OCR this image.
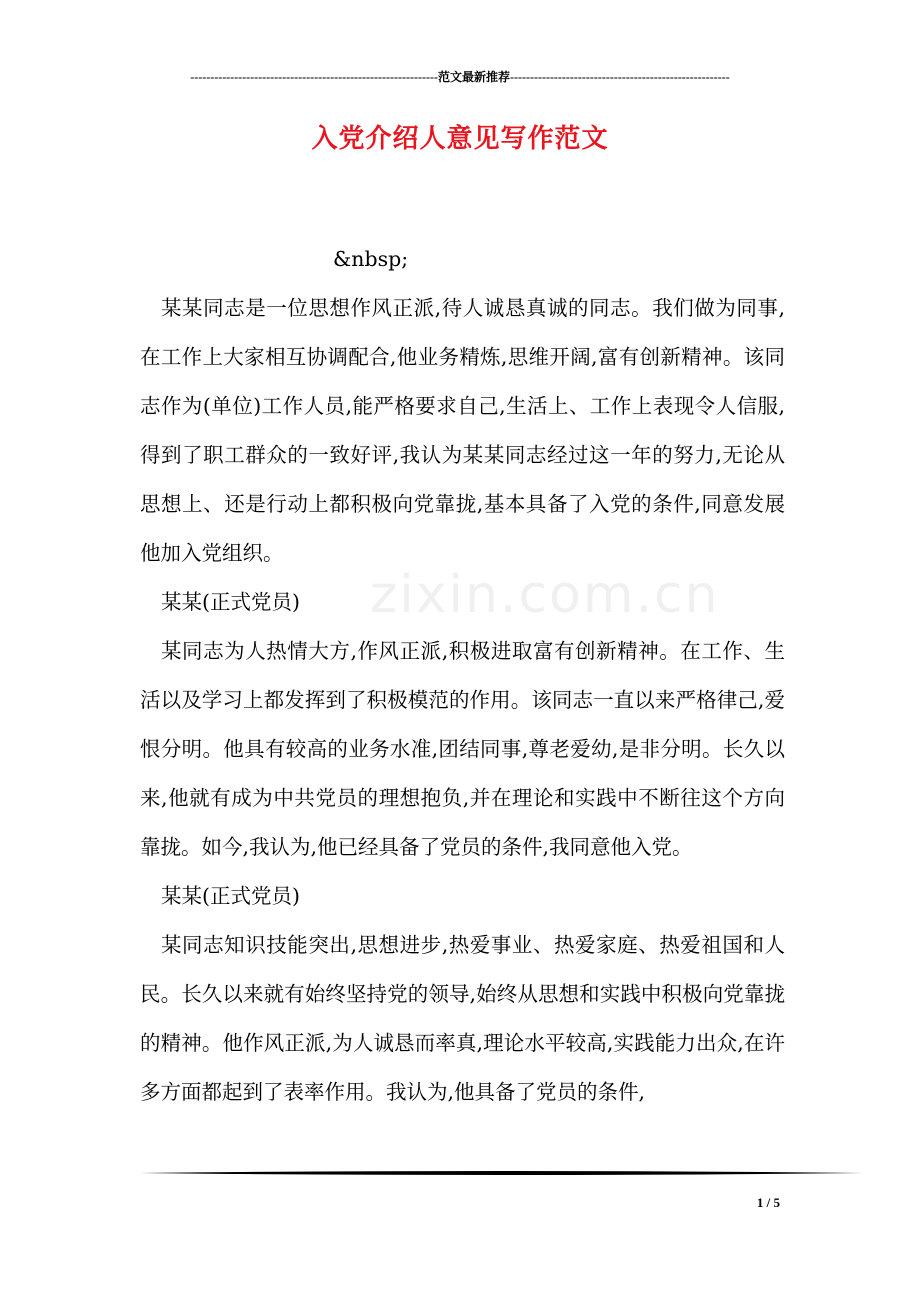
--------------------------------------------------------------范文最新推荐-------------------------------------------------------
入党介绍人意见写作范文
zixin.com.cn

&nbsp;

某某同志是一位思想作风正派,待人诚恳真诚的同志。我们做为同事,在工作上大家相互协调配合,他业务精炼,思维开阔,富有创新精神。该同志作为(单位)工作人员,能严格要求自己,生活上、工作上表现令人信服,得到了职工群众的一致好评,我认为某某同志经过这一年的努力,无论从思想上、还是行动上都积极向党靠拢,基本具备了入党的条件,同意发展他加入党组织。

某某(正式党员)

某同志为人热情大方,作风正派,积极进取富有创新精神。在工作、生活以及学习上都发挥到了积极模范的作用。该同志一直以来严格律己,爱恨分明。他具有较高的业务水准,团结同事,尊老爱幼,是非分明。长久以来,他就有成为中共党员的理想抱负,并在理论和实践中不断往这个方向靠拢。如今,我认为,他已经具备了党员的条件,我同意他入党。

某某(正式党员)

某同志知识技能突出,思想进步,热爱事业、热爱家庭、热爱祖国和人民。长久以来就有始终坚持党的领导,始终从思想和实践中积极向党靠拢的精神。他作风正派,为人诚恳而率真,理论水平较高,实践能力出众,在许多方面都起到了表率作用。我认为,他具备了党员的条件,

1 / 5
